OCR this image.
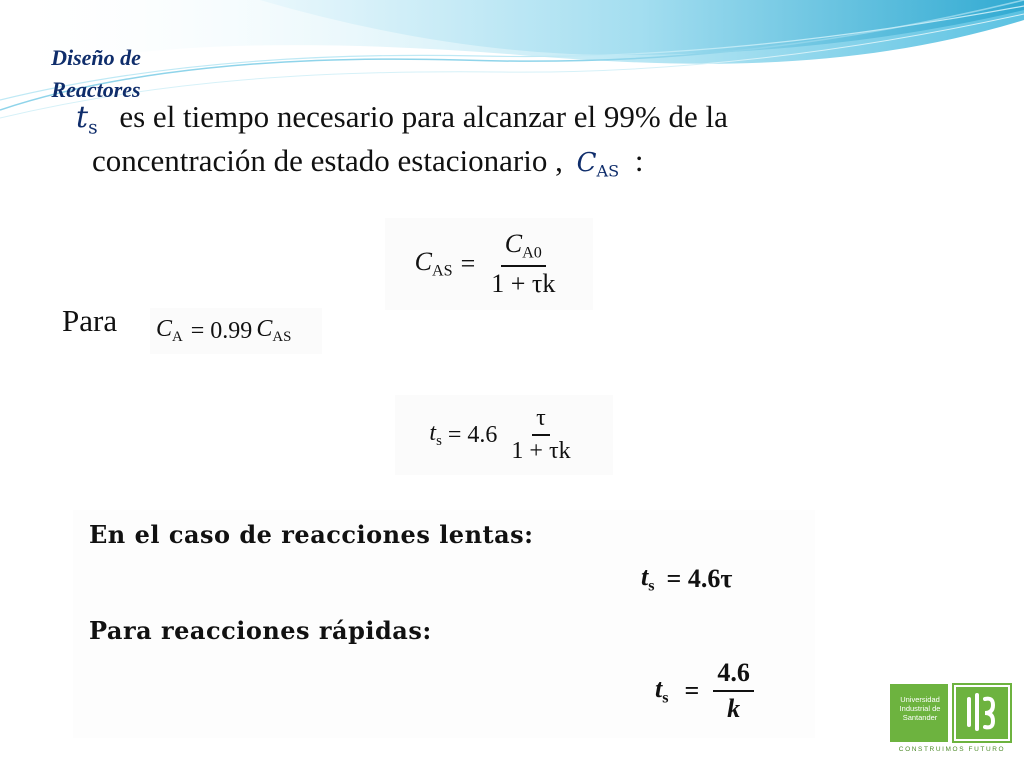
Diseño de
Reactores
$t_s$ es el tiempo necesario para alcanzar el 99% de la
concentración de estado estacionario , $C_{AS}$ :
$C_{AS} = \frac{C_{A0}}{1 + \tau k}$
Para $C_A = 0.99$ $C_{AS}$
$t_s = 4.6 \frac{\tau}{1 + \tau k}$
En el caso de reacciones lentas:
$t_s = 4.6\tau$
Para reacciones rápidas:
$t_s = \frac{4.6}{k}$	Universidad
Industrial de
Santander
CONSTRUIMOS FUTURO
